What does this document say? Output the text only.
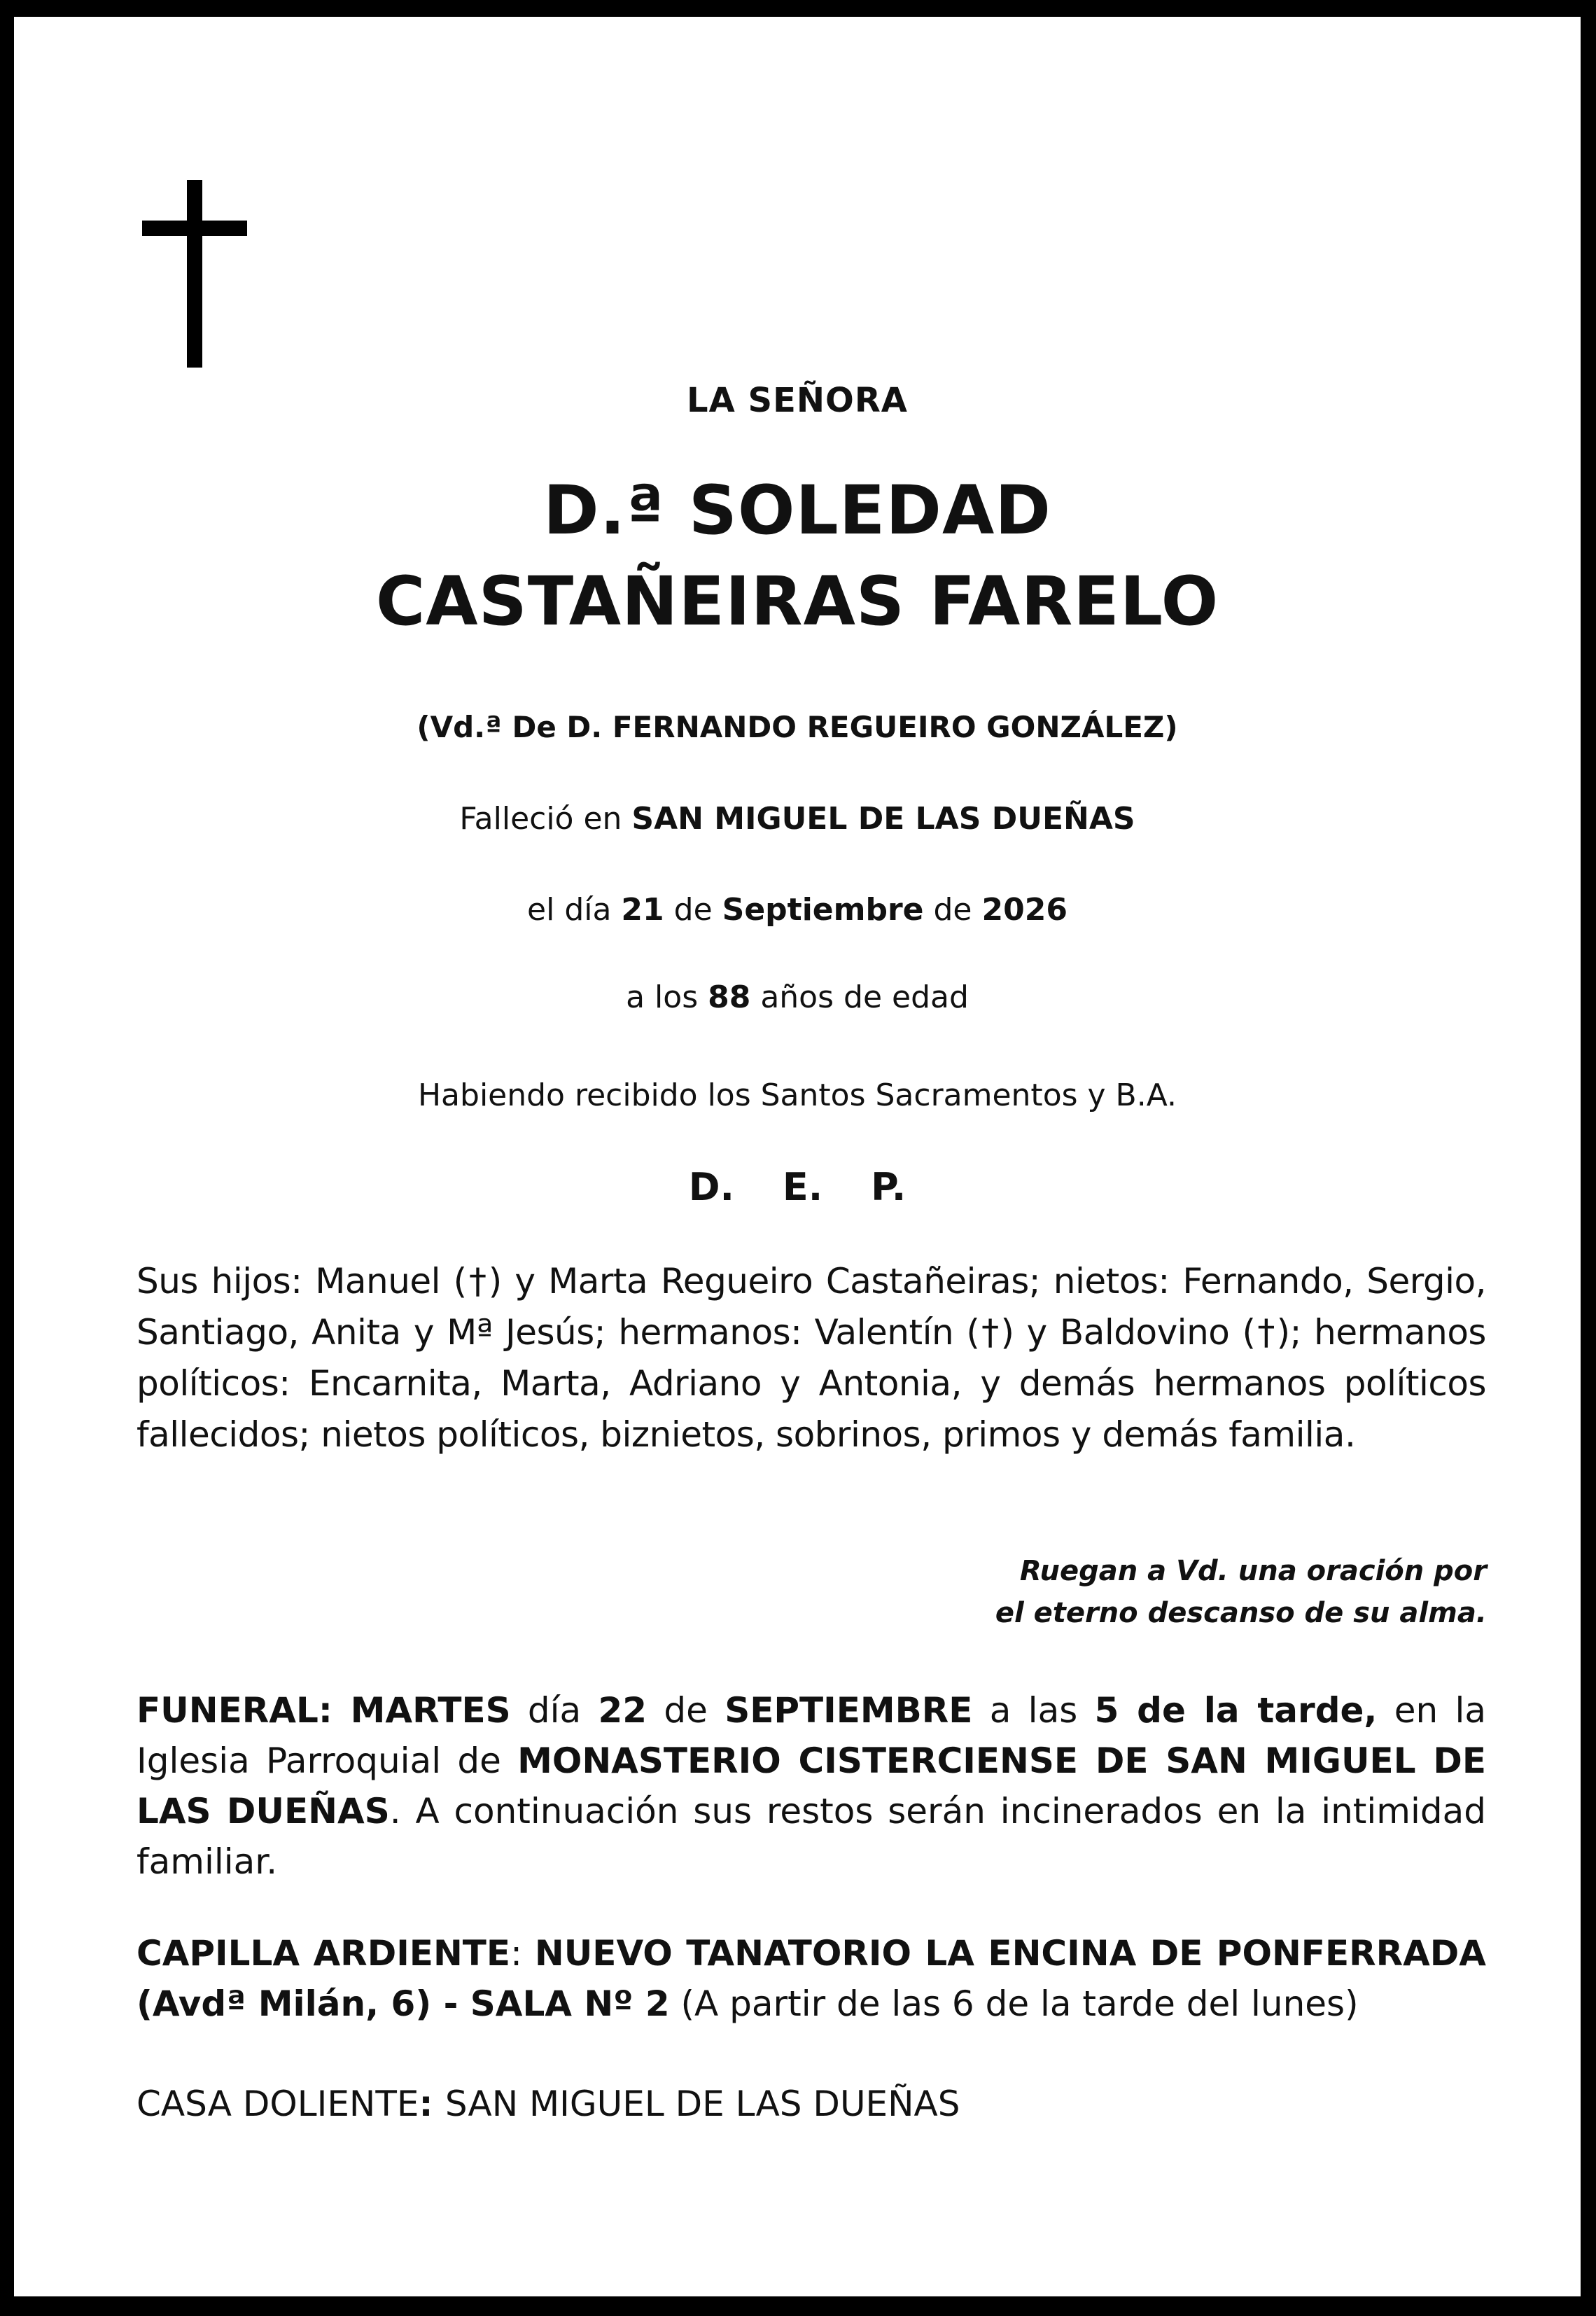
LA SEÑORA
D.ª SOLEDAD
CASTAÑEIRAS FARELO
(Vd.ª De D. FERNANDO REGUEIRO GONZÁLEZ)
Falleció en SAN MIGUEL DE LAS DUEÑAS
el día 21 de Septiembre de 2026
a los 88 años de edad
Habiendo recibido los Santos Sacramentos y B.A.
D. E. P.
Sus hijos: Manuel (†) y Marta Regueiro Castañeiras; nietos: Fernando, Sergio, Santiago, Anita y Mª Jesús; hermanos: Valentín (†) y Baldovino (†); hermanos políticos: Encarnita, Marta, Adriano y Antonia, y demás hermanos políticos fallecidos; nietos políticos, biznietos, sobrinos, primos y demás familia.
Ruegan a Vd. una oración por
el eterno descanso de su alma.
FUNERAL: MARTES día 22 de SEPTIEMBRE a las 5 de la tarde, en la Iglesia Parroquial de MONASTERIO CISTERCIENSE DE SAN MIGUEL DE LAS DUEÑAS. A continuación sus restos serán incinerados en la intimidad familiar.
CAPILLA ARDIENTE: NUEVO TANATORIO LA ENCINA DE PONFERRADA (Avdª Milán, 6) - SALA Nº 2 (A partir de las 6 de la tarde del lunes)
CASA DOLIENTE: SAN MIGUEL DE LAS DUEÑAS
